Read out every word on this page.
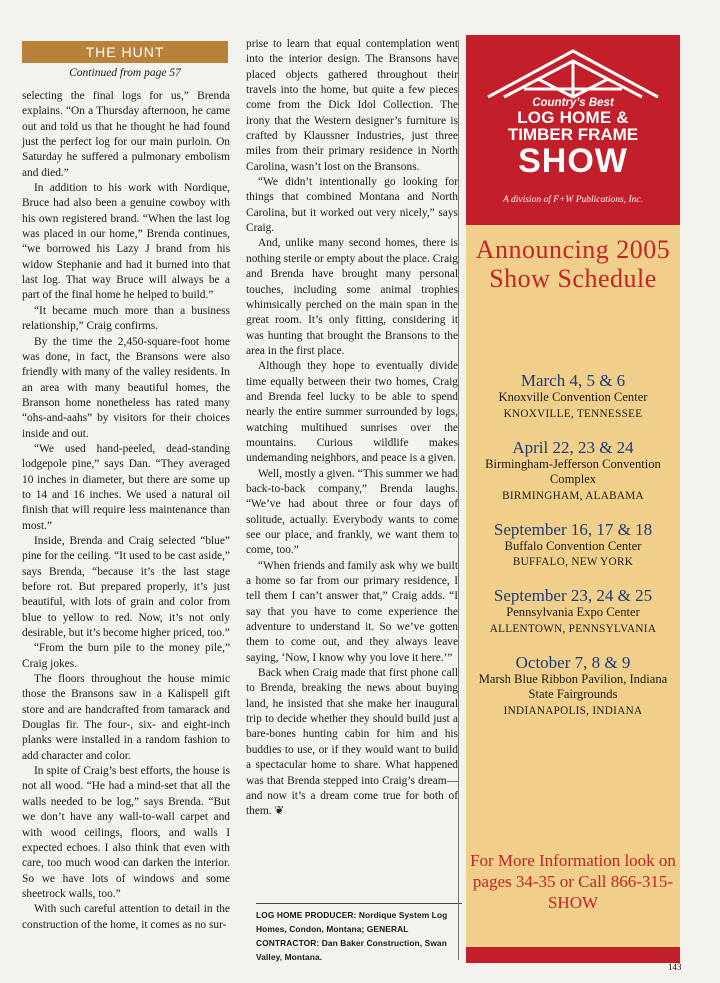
THE HUNT
Continued from page 57

selecting the final logs for us,” Brenda explains. “On a Thursday afternoon, he came out and told us that he thought he had found just the perfect log for our main purloin. On Saturday he suffered a pulmonary embolism and died.”

In addition to his work with Nordique, Bruce had also been a genuine cowboy with his own registered brand. “When the last log was placed in our home,” Brenda continues, “we borrowed his Lazy J brand from his widow Stephanie and had it burned into that last log. That way Bruce will always be a part of the final home he helped to build.”

“It became much more than a business relationship,” Craig confirms.

By the time the 2,450-square-foot home was done, in fact, the Bransons were also friendly with many of the valley residents. In an area with many beautiful homes, the Branson home nonetheless has rated many “ohs-and-aahs” by visitors for their choices inside and out.

“We used hand-peeled, dead-standing lodgepole pine,” says Dan. “They averaged 10 inches in diameter, but there are some up to 14 and 16 inches. We used a natural oil finish that will require less maintenance than most.”

Inside, Brenda and Craig selected “blue” pine for the ceiling. “It used to be cast aside,” says Brenda, “because it’s the last stage before rot. But prepared properly, it’s just beautiful, with lots of grain and color from blue to yellow to red. Now, it’s not only desirable, but it’s become higher priced, too.”

“From the burn pile to the money pile,” Craig jokes.

The floors throughout the house mimic those the Bransons saw in a Kalispell gift store and are handcrafted from tamarack and Douglas fir. The four-, six- and eight-inch planks were installed in a random fashion to add character and color.

In spite of Craig’s best efforts, the house is not all wood. “He had a mind-set that all the walls needed to be log,” says Brenda. “But we don’t have any wall-to-wall carpet and with wood ceilings, floors, and walls I expected echoes. I also think that even with care, too much wood can darken the interior. So we have lots of windows and some sheetrock walls, too.”

With such careful attention to detail in the construction of the home, it comes as no sur-

prise to learn that equal contemplation went into the interior design. The Bransons have placed objects gathered throughout their travels into the home, but quite a few pieces come from the Dick Idol Collection. The irony that the Western designer’s furniture is crafted by Klaussner Industries, just three miles from their primary residence in North Carolina, wasn’t lost on the Bransons.

“We didn’t intentionally go looking for things that combined Montana and North Carolina, but it worked out very nicely,” says Craig.

And, unlike many second homes, there is nothing sterile or empty about the place. Craig and Brenda have brought many personal touches, including some animal trophies whimsically perched on the main span in the great room. It’s only fitting, considering it was hunting that brought the Bransons to the area in the first place.

Although they hope to eventually divide time equally between their two homes, Craig and Brenda feel lucky to be able to spend nearly the entire summer surrounded by logs, watching multihued sunrises over the mountains. Curious wildlife makes undemanding neighbors, and peace is a given.

Well, mostly a given. “This summer we had back-to-back company,” Brenda laughs. “We’ve had about three or four days of solitude, actually. Everybody wants to come see our place, and frankly, we want them to come, too.”

“When friends and family ask why we built a home so far from our primary residence, I tell them I can’t answer that,” Craig adds. “I say that you have to come experience the adventure to understand it. So we’ve gotten them to come out, and they always leave saying, ‘Now, I know why you love it here.’”

Back when Craig made that first phone call to Brenda, breaking the news about buying land, he insisted that she make her inaugural trip to decide whether they should build just a bare-bones hunting cabin for him and his buddies to use, or if they would want to build a spectacular home to share. What happened was that Brenda stepped into Craig’s dream—and now it’s a dream come true for both of them. ❦

LOG HOME PRODUCER: Nordique System Log Homes, Condon, Montana; GENERAL CONTRACTOR: Dan Baker Construction, Swan Valley, Montana.
Country’s Best
LOG HOME &
TIMBER FRAME
SHOW
A division of F+W Publications, Inc.
Announcing 2005 Show Schedule
March 4, 5 & 6
Knoxville Convention Center
KNOXVILLE, TENNESSEE
April 22, 23 & 24
Birmingham-Jefferson Convention Complex
BIRMINGHAM, ALABAMA
September 16, 17 & 18
Buffalo Convention Center
BUFFALO, NEW YORK
September 23, 24 & 25
Pennsylvania Expo Center
ALLENTOWN, PENNSYLVANIA
October 7, 8 & 9
Marsh Blue Ribbon Pavilion, Indiana State Fairgrounds
INDIANAPOLIS, INDIANA
For More Information look on pages 34-35 or Call 866-315-SHOW
143
